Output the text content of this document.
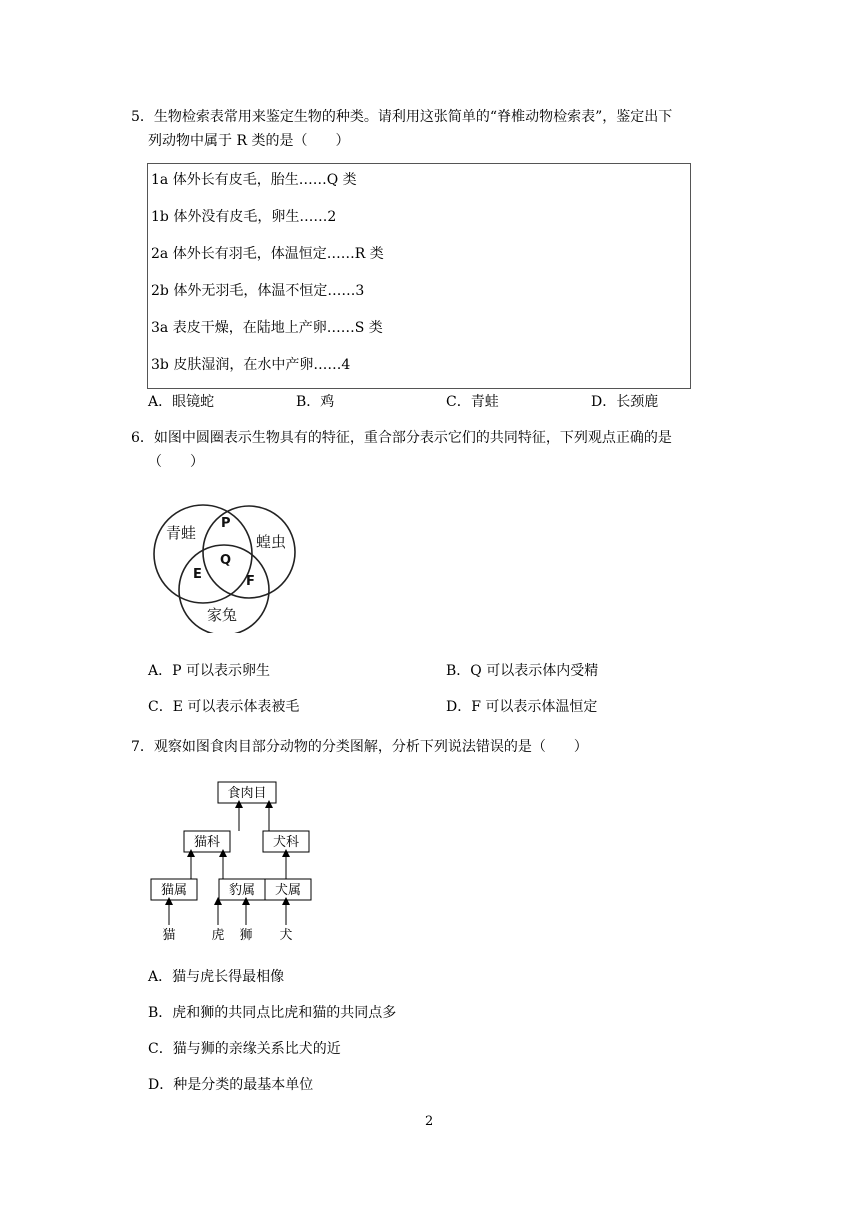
5．生物检索表常用来鉴定生物的种类。请利用这张简单的“脊椎动物检索表”，鉴定出下
列动物中属于 R 类的是（　　）
1a 体外长有皮毛，胎生……Q 类
1b 体外没有皮毛，卵生……2
2a 体外长有羽毛，体温恒定……R 类
2b 体外无羽毛，体温不恒定……3
3a 表皮干燥，在陆地上产卵……S 类
3b 皮肤湿润，在水中产卵……4
A．眼镜蛇	B．鸡	C．青蛙	D．长颈鹿
6．如图中圆圈表示生物具有的特征，重合部分表示它们的共同特征，下列观点正确的是
（　　）
青蛙	蝗虫
家兔
P
Q
E	F
A．P 可以表示卵生	B．Q 可以表示体内受精
C．E 可以表示体表被毛	D．F 可以表示体温恒定
7．观察如图食肉目部分动物的分类图解，分析下列说法错误的是（　　）
食肉目
猫科	犬科
猫属	豹属 犬属
猫	虎 狮 犬
A．猫与虎长得最相像
B．虎和狮的共同点比虎和猫的共同点多
C．猫与狮的亲缘关系比犬的近
D．种是分类的最基本单位
2
